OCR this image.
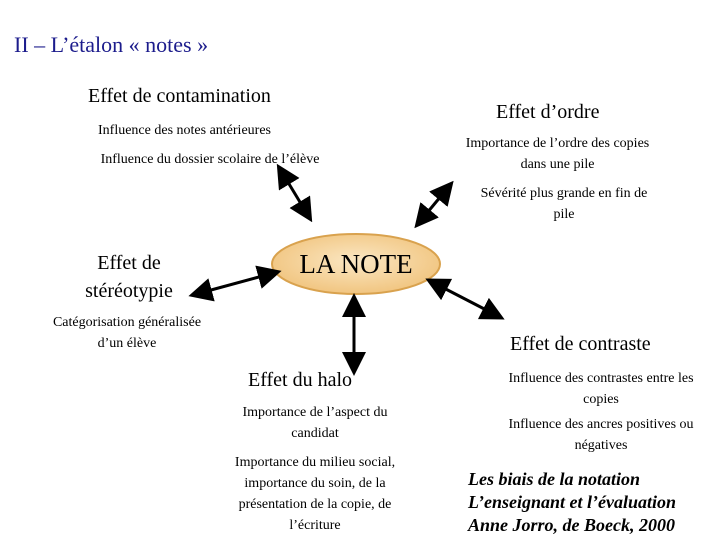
II – L’étalon « notes »
LA NOTE
Effet de contamination
Influence des notes antérieures
Influence du dossier scolaire de l’élève
Effet d’ordre
Importance de l’ordre des copies dans une pile
Sévérité plus grande en fin de pile
Effet de stéréotypie
Catégorisation généralisée d’un élève
Effet du halo
Importance de l’aspect du candidat
Importance du milieu social, importance du soin, de la présentation de la copie, de l’écriture
Effet de contraste
Influence des contrastes entre les copies
Influence des ancres positives ou négatives
Les biais de la notation
L’enseignant et l’évaluation
Anne Jorro, de Boeck, 2000
